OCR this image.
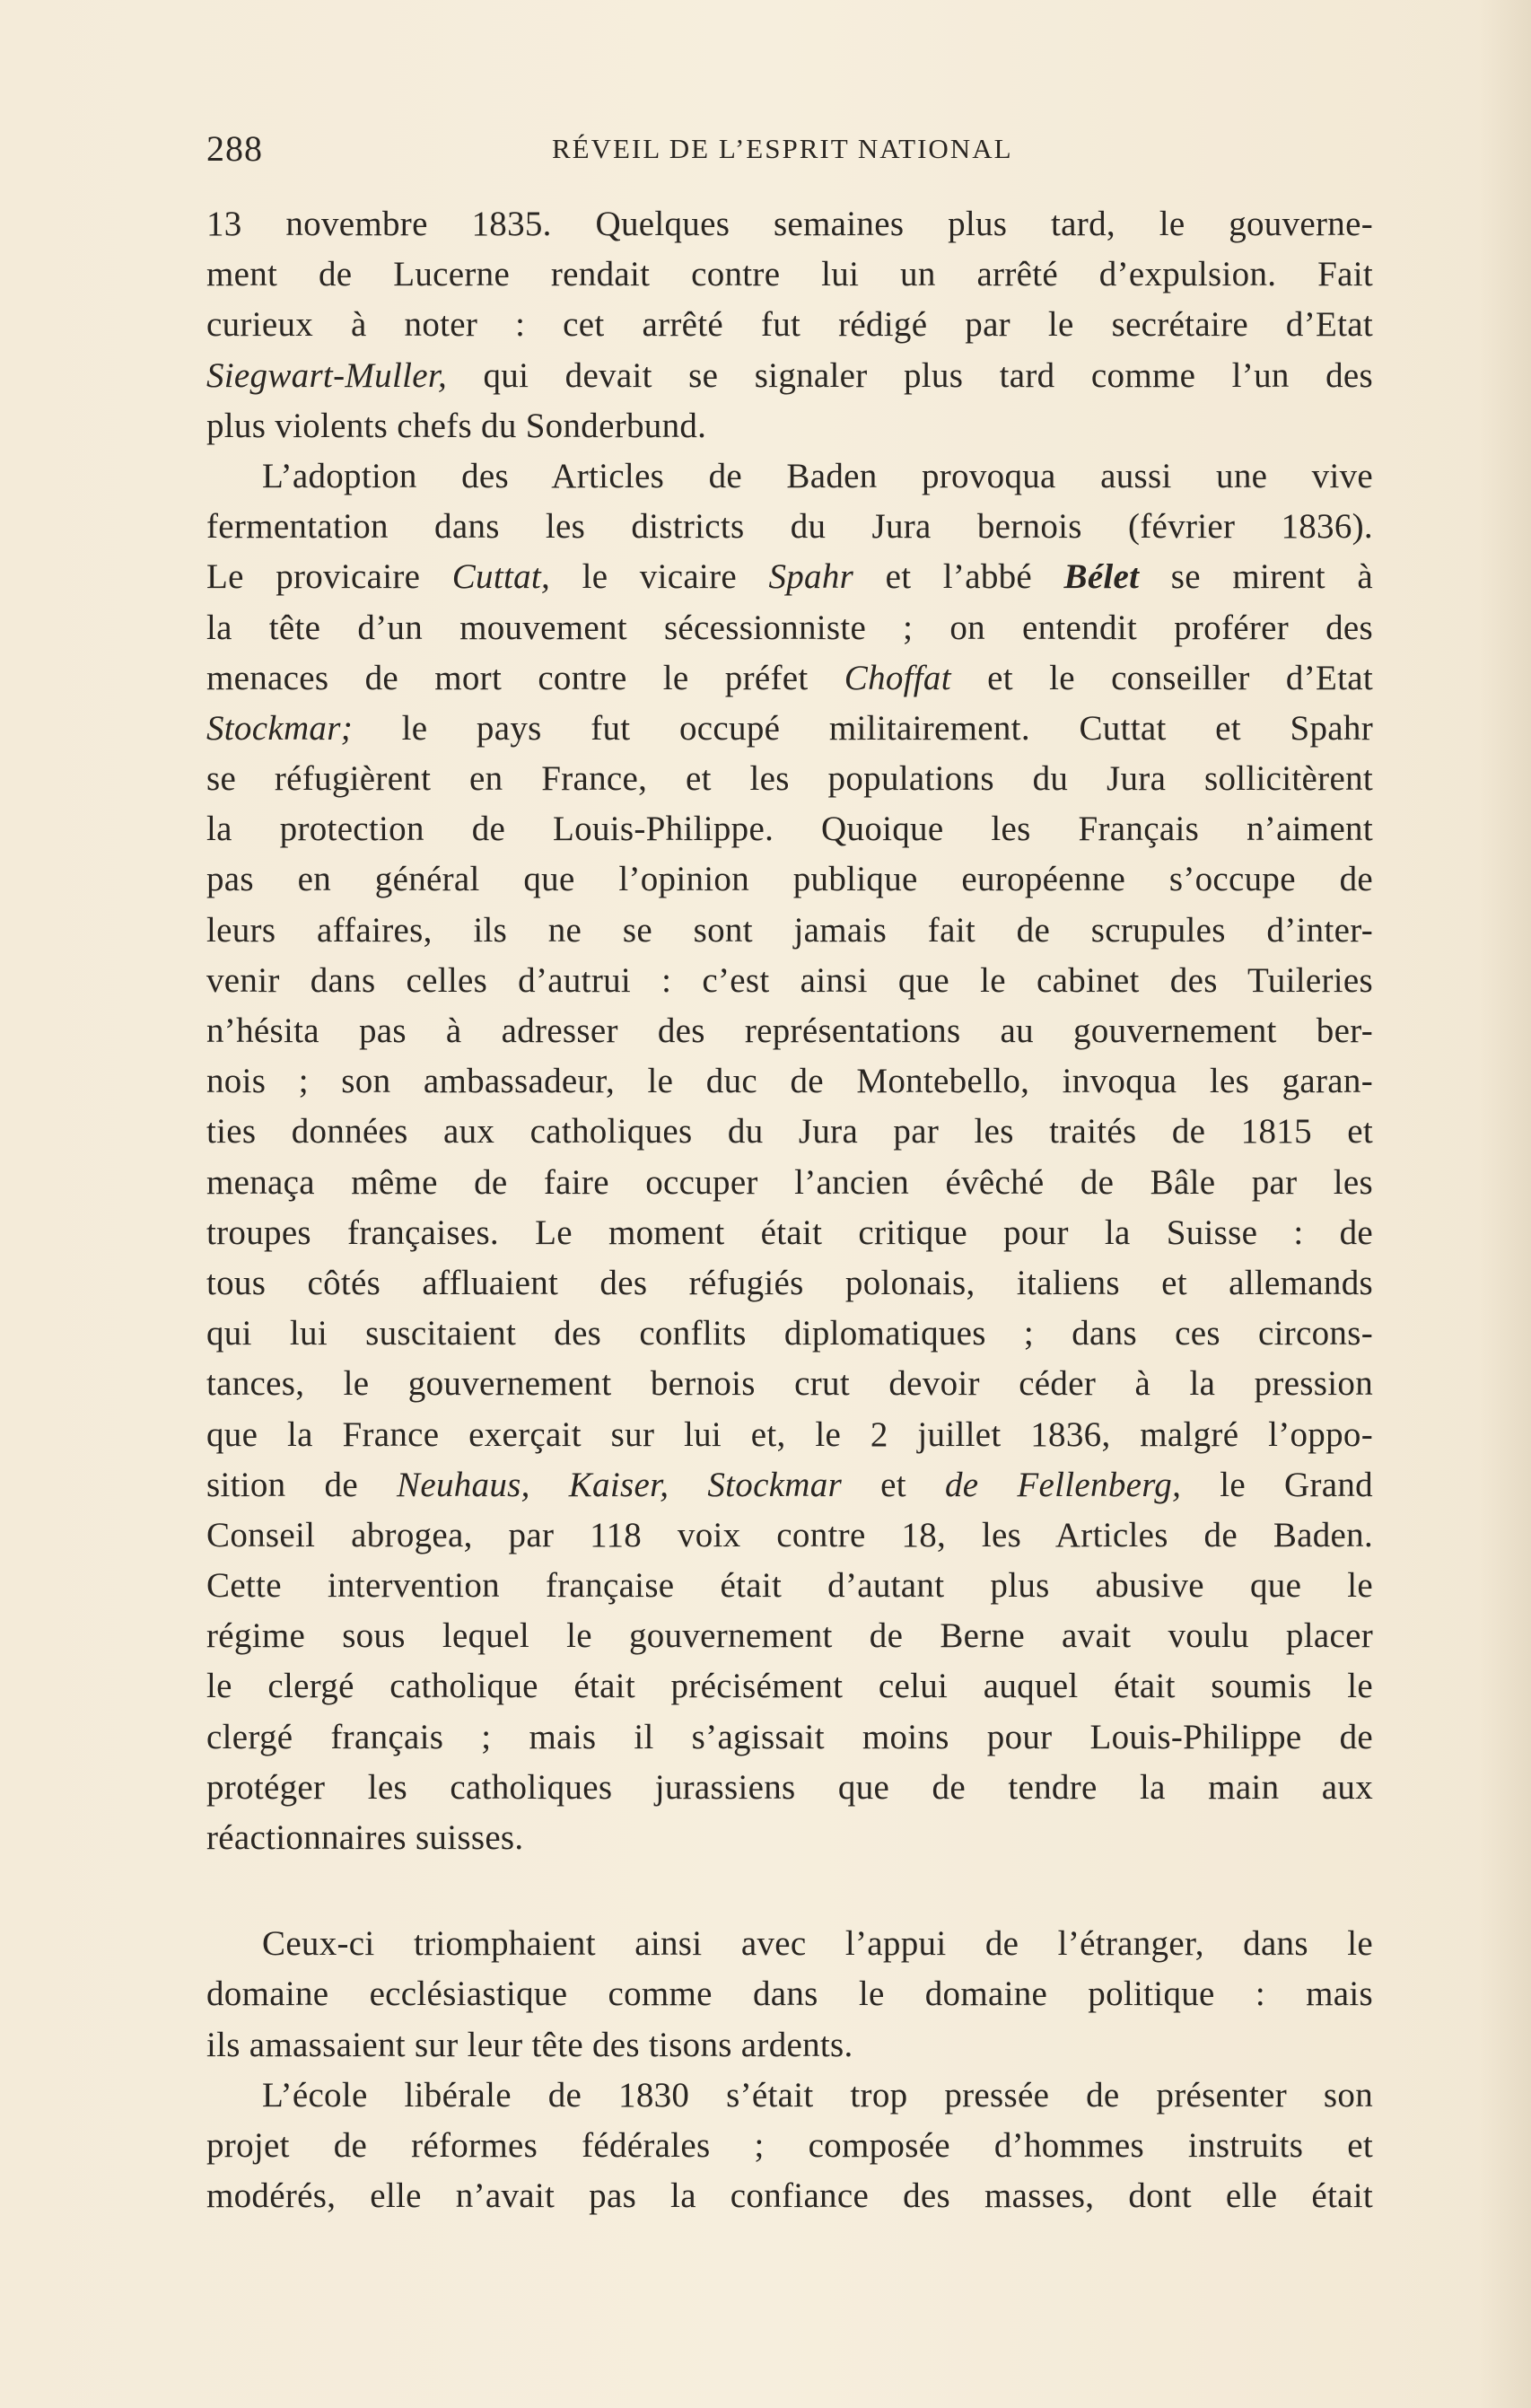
288	RÉVEIL DE L’ESPRIT NATIONAL
13 novembre 1835. Quelques semaines plus tard, le gouverne-
ment de Lucerne rendait contre lui un arrêté d’expulsion. Fait
curieux à noter : cet arrêté fut rédigé par le secrétaire d’Etat
Siegwart-Muller, qui devait se signaler plus tard comme l’un des
plus violents chefs du Sonderbund.
L’adoption des Articles de Baden provoqua aussi une vive
fermentation dans les districts du Jura bernois (février 1836).
Le provicaire Cuttat, le vicaire Spahr et l’abbé Bélet se mirent à
la tête d’un mouvement sécessionniste ; on entendit proférer des
menaces de mort contre le préfet Choffat et le conseiller d’Etat
Stockmar; le pays fut occupé militairement. Cuttat et Spahr
se réfugièrent en France, et les populations du Jura sollicitèrent
la protection de Louis-Philippe. Quoique les Français n’aiment
pas en général que l’opinion publique européenne s’occupe de
leurs affaires, ils ne se sont jamais fait de scrupules d’inter-
venir dans celles d’autrui : c’est ainsi que le cabinet des Tuileries
n’hésita pas à adresser des représentations au gouvernement ber-
nois ; son ambassadeur, le duc de Montebello, invoqua les garan-
ties données aux catholiques du Jura par les traités de 1815 et
menaça même de faire occuper l’ancien évêché de Bâle par les
troupes françaises. Le moment était critique pour la Suisse : de
tous côtés affluaient des réfugiés polonais, italiens et allemands
qui lui suscitaient des conflits diplomatiques ; dans ces circons-
tances, le gouvernement bernois crut devoir céder à la pression
que la France exerçait sur lui et, le 2 juillet 1836, malgré l’oppo-
sition de Neuhaus, Kaiser, Stockmar et de Fellenberg, le Grand
Conseil abrogea, par 118 voix contre 18, les Articles de Baden.
Cette intervention française était d’autant plus abusive que le
régime sous lequel le gouvernement de Berne avait voulu placer
le clergé catholique était précisément celui auquel était soumis le
clergé français ; mais il s’agissait moins pour Louis-Philippe de
protéger les catholiques jurassiens que de tendre la main aux
réactionnaires suisses.
Ceux-ci triomphaient ainsi avec l’appui de l’étranger, dans le
domaine ecclésiastique comme dans le domaine politique : mais
ils amassaient sur leur tête des tisons ardents.
L’école libérale de 1830 s’était trop pressée de présenter son
projet de réformes fédérales ; composée d’hommes instruits et
modérés, elle n’avait pas la confiance des masses, dont elle était
